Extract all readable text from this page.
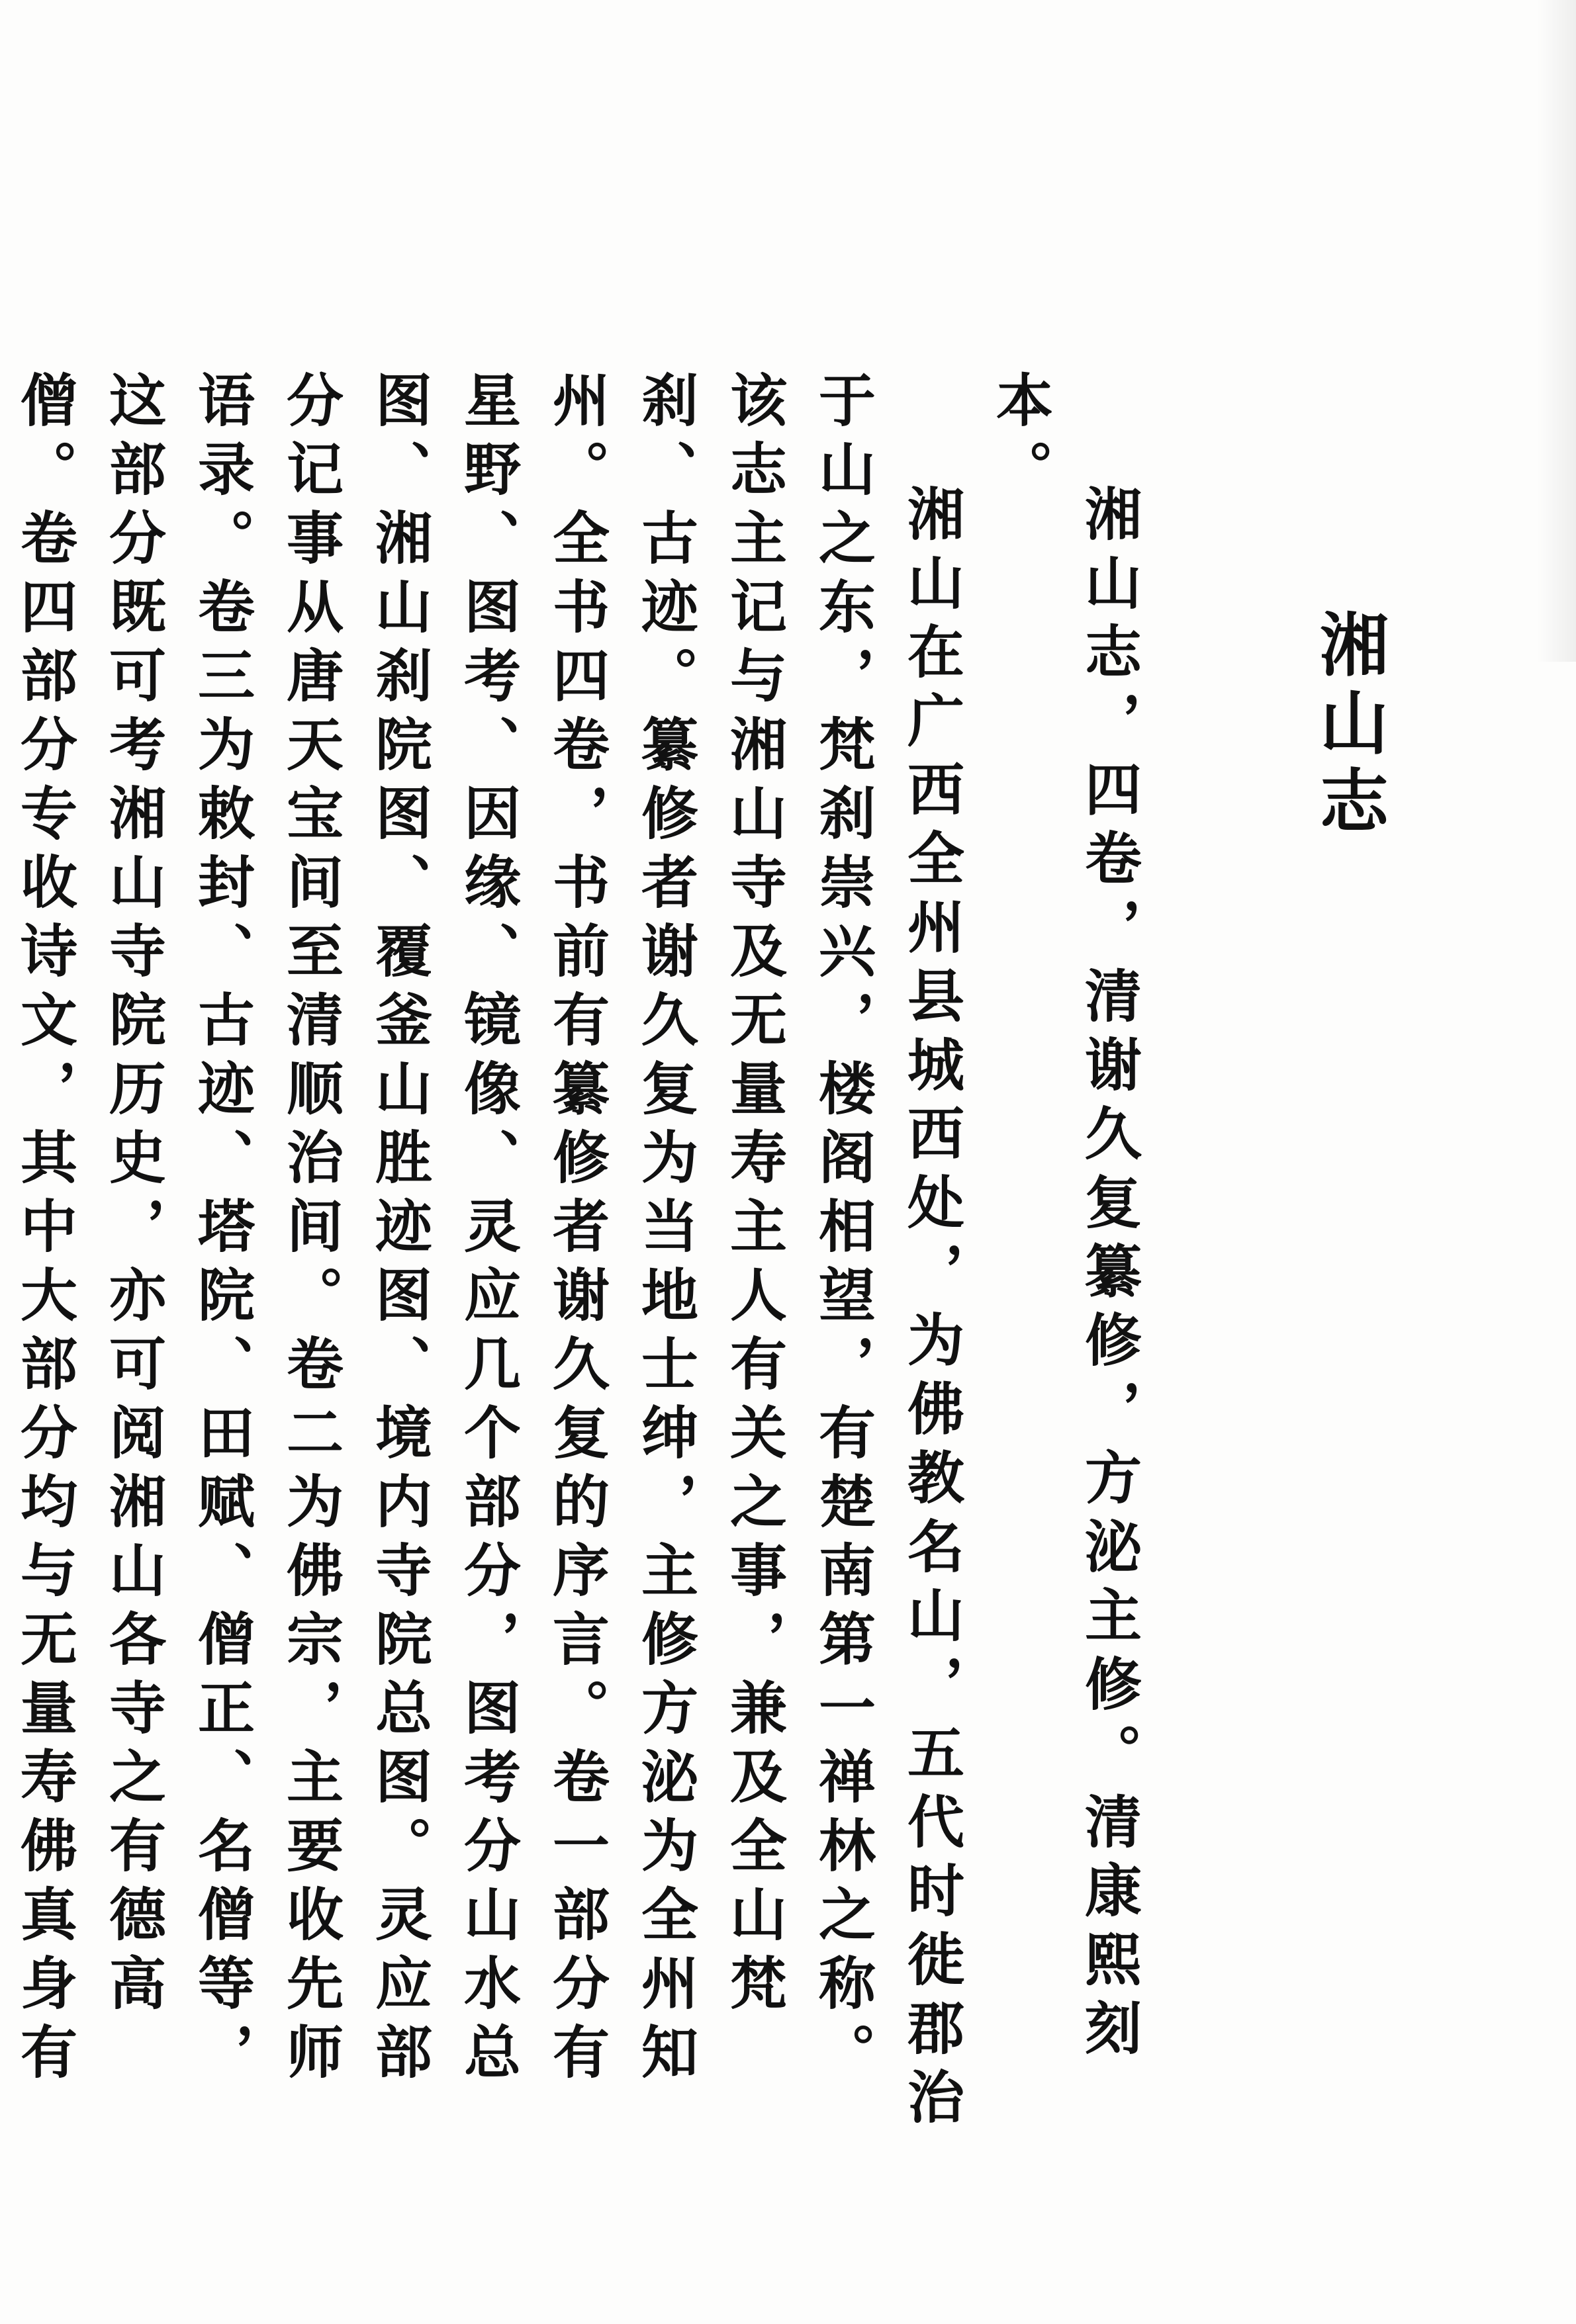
湘山志

湘山志，四卷，清谢久复纂修，方泌主修。清康熙刻本。

湘山在广西全州县城西处，为佛教名山，五代时徙郡治于山之东，梵刹崇兴，楼阁相望，有楚南第一禅林之称。该志主记与湘山寺及无量寿主人有关之事，兼及全山梵刹、古迹。纂修者谢久复为当地士绅，主修方泌为全州知州。全书四卷，书前有纂修者谢久复的序言。卷一部分有星野、图考、因缘、镜像、灵应几个部分，图考分山水总图、湘山刹院图、覆釜山胜迹图、境内寺院总图。灵应部分记事从唐天宝间至清顺治间。卷二为佛宗，主要收先师语录。卷三为敕封、古迹、塔院、田赋、僧正、名僧等，这部分既可考湘山寺院历史，亦可阅湘山各寺之有德高僧。卷四部分专收诗文，其中大部分均与无量寿佛真身有
